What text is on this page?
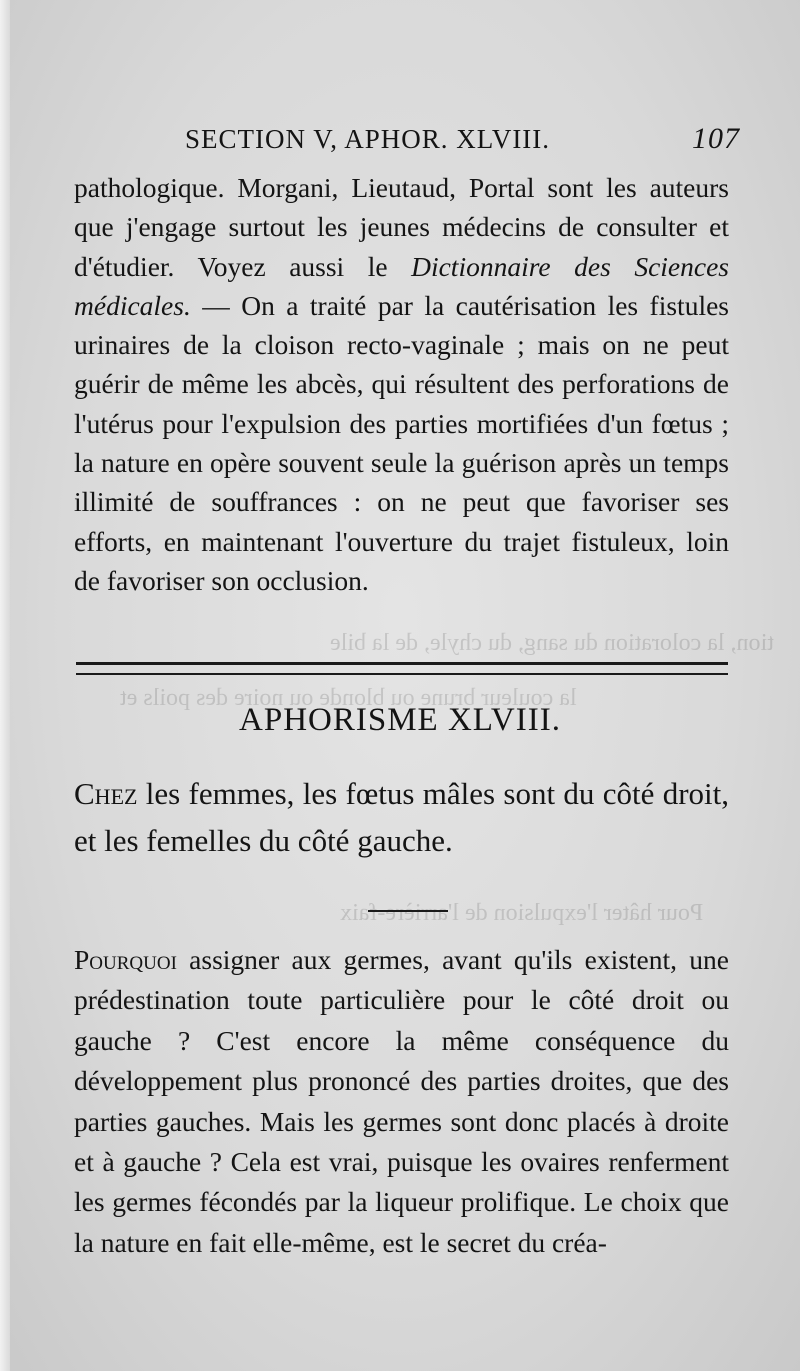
la couleur brune ou blonde ou noire des poils et
tion, la coloration du sang, du chyle, de la bile
Pour hâter l'expulsion de l'arrière-faix
SECTION V, APHOR. XLVIII.	107

pathologique. Morgani, Lieutaud, Portal sont les auteurs que j'engage surtout les jeunes médecins de consulter et d'étudier. Voyez aussi le Dictionnaire des Sciences médicales. — On a traité par la cautérisation les fistules urinaires de la cloison recto-vaginale ; mais on ne peut guérir de même les abcès, qui résultent des perforations de l'utérus pour l'expulsion des parties mortifiées d'un fœtus ; la nature en opère souvent seule la guérison après un temps illimité de souffrances : on ne peut que favoriser ses efforts, en maintenant l'ouverture du trajet fistuleux, loin de favoriser son occlusion.

APHORISME XLVIII.

Chez les femmes, les fœtus mâles sont du côté droit, et les femelles du côté gauche.

Pourquoi assigner aux germes, avant qu'ils existent, une prédestination toute particulière pour le côté droit ou gauche ? C'est encore la même conséquence du développement plus prononcé des parties droites, que des parties gauches. Mais les germes sont donc placés à droite et à gauche ? Cela est vrai, puisque les ovaires renferment les germes fécondés par la liqueur prolifique. Le choix que la nature en fait elle-même, est le secret du créa-
